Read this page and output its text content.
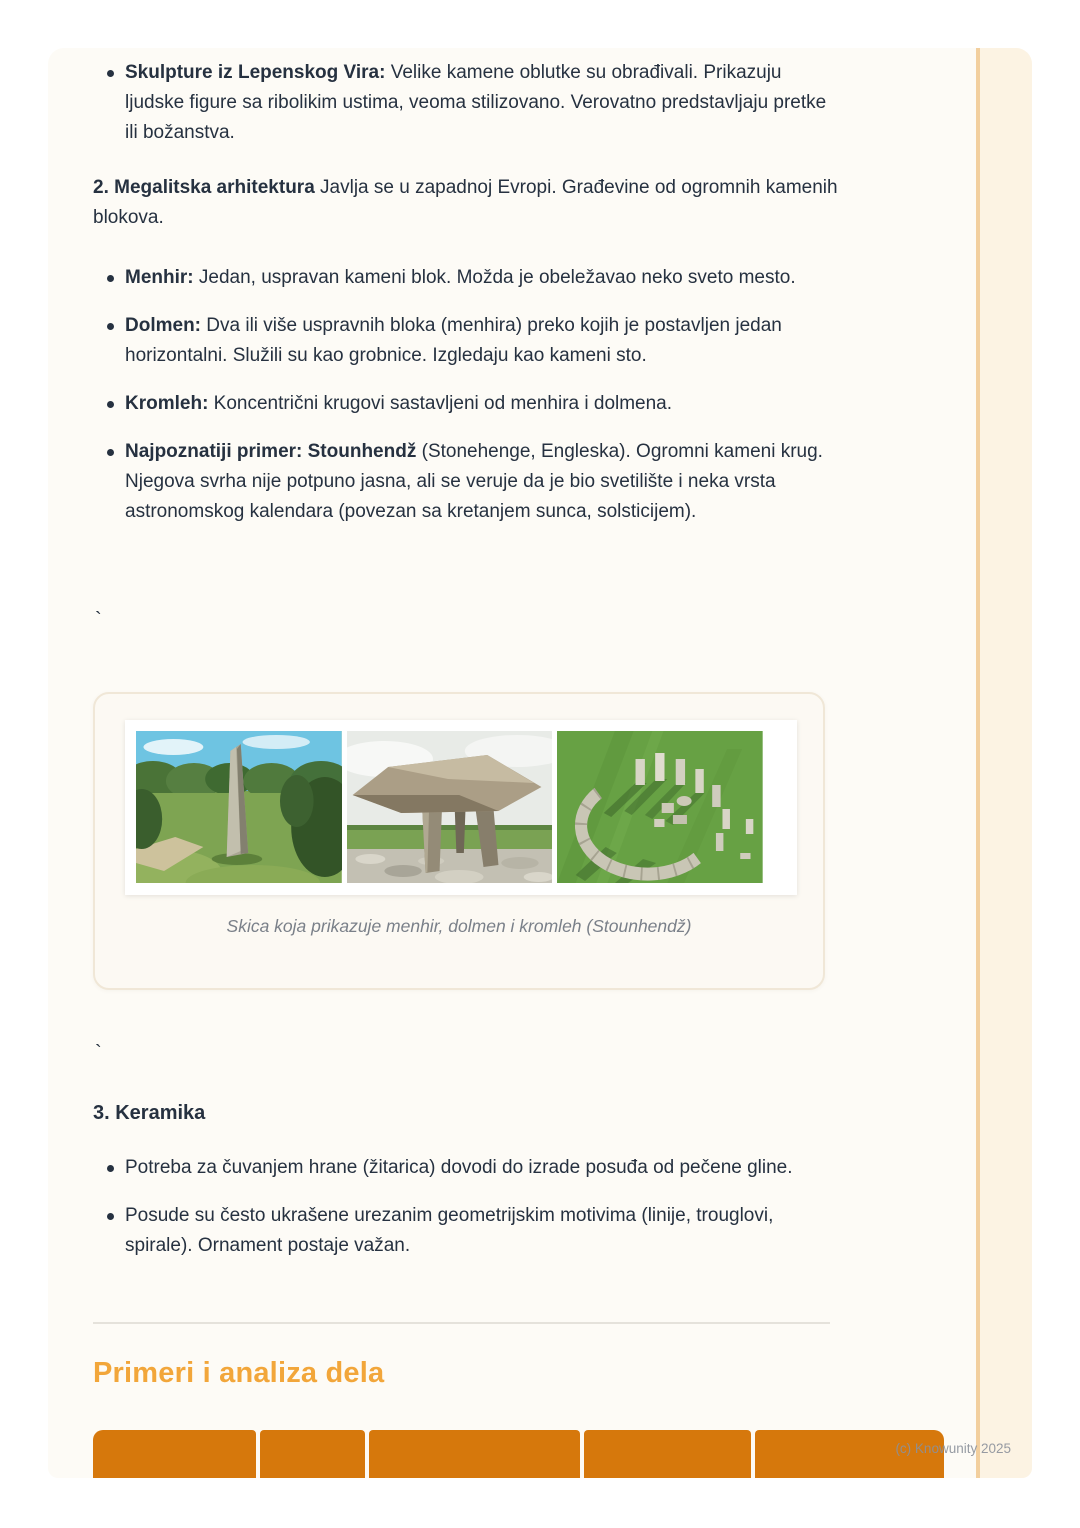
Skulpture iz Lepenskog Vira: Velike kamene oblutke su obrađivali. Prikazuju ljudske figure sa ribolikim ustima, veoma stilizovano. Verovatno predstavljaju pretke ili božanstva.

2. Megalitska arhitektura Javlja se u zapadnoj Evropi. Građevine od ogromnih kamenih blokova.

Menhir: Jedan, uspravan kameni blok. Možda je obeležavao neko sveto mesto.
Dolmen: Dva ili više uspravnih bloka (menhira) preko kojih je postavljen jedan horizontalni. Služili su kao grobnice. Izgledaju kao kameni sto.
Kromleh: Koncentrični krugovi sastavljeni od menhira i dolmena.
Najpoznatiji primer: Stounhendž (Stonehenge, Engleska). Ogromni kameni krug. Njegova svrha nije potpuno jasna, ali se veruje da je bio svetilište i neka vrsta astronomskog kalendara (povezan sa kretanjem sunca, solsticijem).
`
Skica koja prikazuje menhir, dolmen i kromleh (Stounhendž)
`
3. Keramika
Potreba za čuvanjem hrane (žitarica) dovodi do izrade posuđa od pečene gline.
Posude su često ukrašene urezanim geometrijskim motivima (linije, trouglovi, spirale). Ornament postaje važan.
Primeri i analiza dela
(c) Knowunity 2025
